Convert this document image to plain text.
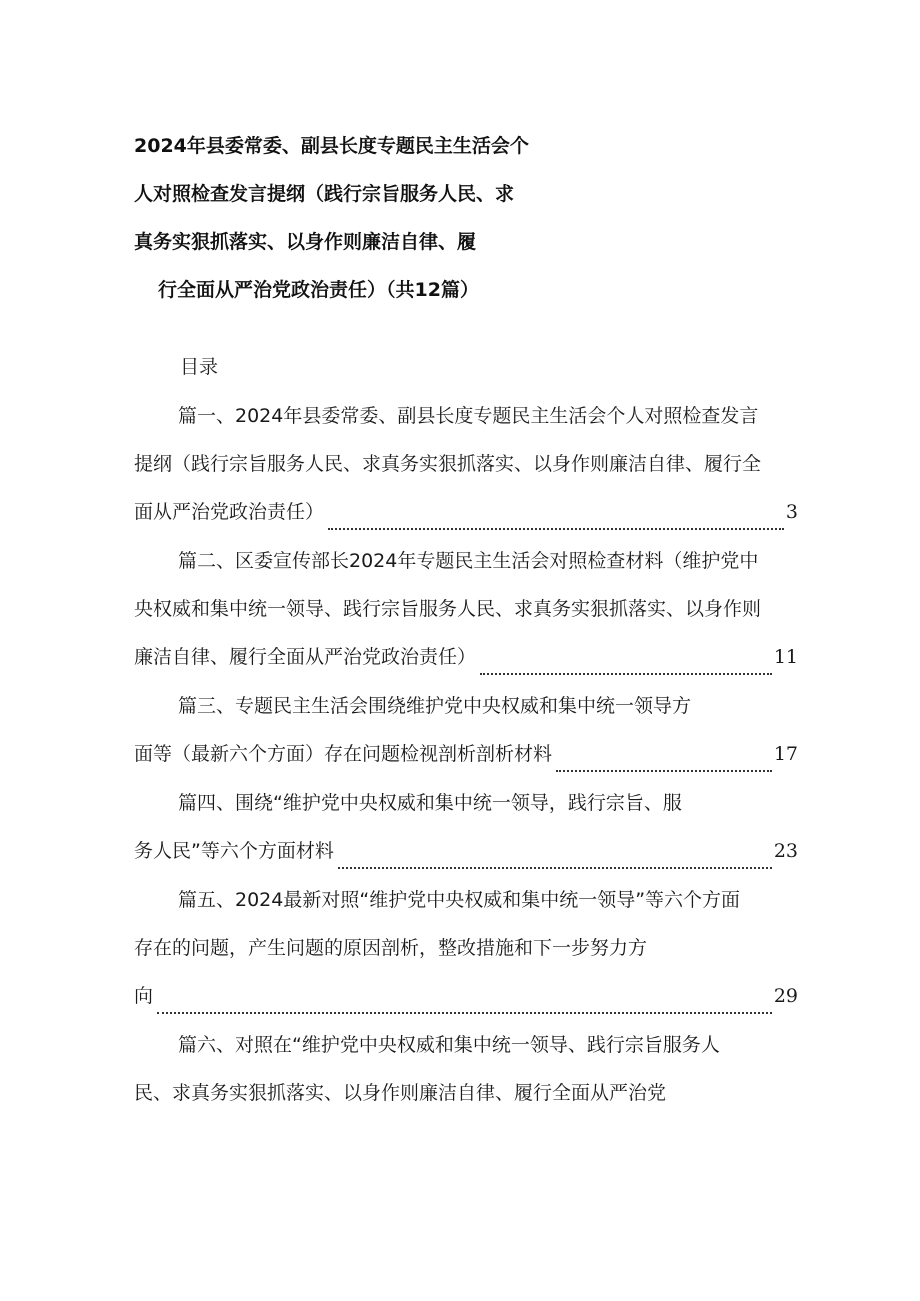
2024年县委常委、副县长度专题民主生活会个
人对照检查发言提纲（践行宗旨服务人民、求
真务实狠抓落实、以身作则廉洁自律、履
行全面从严治党政治责任）（共12篇）
目录
篇一、2024年县委常委、副县长度专题民主生活会个人对照检查发言
提纲（践行宗旨服务人民、求真务实狠抓落实、以身作则廉洁自律、履行全
面从严治党政治责任）	3
篇二、区委宣传部长2024年专题民主生活会对照检查材料（维护党中
央权威和集中统一领导、践行宗旨服务人民、求真务实狠抓落实、以身作则
廉洁自律、履行全面从严治党政治责任）	11
篇三、专题民主生活会围绕维护党中央权威和集中统一领导方
面等（最新六个方面）存在问题检视剖析剖析材料	17
篇四、围绕“维护党中央权威和集中统一领导，践行宗旨、服
务人民”等六个方面材料	23
篇五、2024最新对照“维护党中央权威和集中统一领导”等六个方面
存在的问题，产生问题的原因剖析，整改措施和下一步努力方
向	29
篇六、对照在“维护党中央权威和集中统一领导、践行宗旨服务人
民、求真务实狠抓落实、以身作则廉洁自律、履行全面从严治党
